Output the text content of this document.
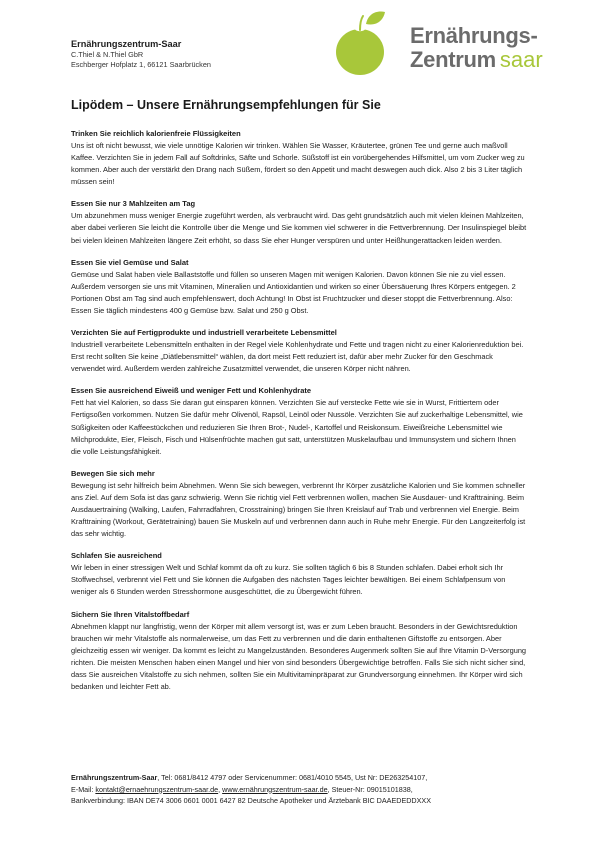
Ernährungszentrum-Saar
C.Thiel & N.Thiel GbR
Eschberger Hofplatz 1, 66121 Saarbrücken
Ernährungs-
Zentrum saar
Lipödem – Unsere Ernährungsempfehlungen für Sie
Trinken Sie reichlich kalorienfreie Flüssigkeiten

Uns ist oft nicht bewusst, wie viele unnötige Kalorien wir trinken. Wählen Sie Wasser, Kräutertee, grünen Tee und gerne auch maßvoll Kaffee. Verzichten Sie in jedem Fall auf Softdrinks, Säfte und Schorle. Süßstoff ist ein vorübergehendes Hilfsmittel, um vom Zucker weg zu kommen. Aber auch der verstärkt den Drang nach Süßem, fördert so den Appetit und macht deswegen auch dick. Also 2 bis 3 Liter täglich müssen sein!

Essen Sie nur 3 Mahlzeiten am Tag

Um abzunehmen muss weniger Energie zugeführt werden, als verbraucht wird. Das geht grundsätzlich auch mit vielen kleinen Mahlzeiten, aber dabei verlieren Sie leicht die Kontrolle über die Menge und Sie kommen viel schwerer in die Fettverbrennung. Der Insulinspiegel bleibt bei vielen kleinen Mahlzeiten längere Zeit erhöht, so dass Sie eher Hunger verspüren und unter Heißhungerattacken leiden werden.

Essen Sie viel Gemüse und Salat

Gemüse und Salat haben viele Ballaststoffe und füllen so unseren Magen mit wenigen Kalorien. Davon können Sie nie zu viel essen. Außerdem versorgen sie uns mit Vitaminen, Mineralien und Antioxidantien und wirken so einer Übersäuerung Ihres Körpers entgegen. 2 Portionen Obst am Tag sind auch empfehlenswert, doch Achtung! In Obst ist Fruchtzucker und dieser stoppt die Fettverbrennung. Also: Essen Sie täglich mindestens 400 g Gemüse bzw. Salat und 250 g Obst.

Verzichten Sie auf Fertigprodukte und industriell verarbeitete Lebensmittel

Industriell verarbeitete Lebensmitteln enthalten in der Regel viele Kohlenhydrate und Fette und tragen nicht zu einer Kalorienreduktion bei. Erst recht sollten Sie keine „Diätlebensmittel“ wählen, da dort meist Fett reduziert ist, dafür aber mehr Zucker für den Geschmack verwendet wird. Außerdem werden zahlreiche Zusatzmittel verwendet, die unseren Körper nicht nähren.

Essen Sie ausreichend Eiweiß und weniger Fett und Kohlenhydrate

Fett hat viel Kalorien, so dass Sie daran gut einsparen können. Verzichten Sie auf verstecke Fette wie sie in Wurst, Frittiertem oder Fertigsoßen vorkommen. Nutzen Sie dafür mehr Olivenöl, Rapsöl, Leinöl oder Nussöle. Verzichten Sie auf zuckerhaltige Lebensmittel, wie Süßigkeiten oder Kaffeestückchen und reduzieren Sie Ihren Brot-, Nudel-, Kartoffel und Reiskonsum. Eiweißreiche Lebensmittel wie Milchprodukte, Eier, Fleisch, Fisch und Hülsenfrüchte machen gut satt, unterstützen Muskelaufbau und Immunsystem und sichern Ihnen die volle Leistungsfähigkeit.

Bewegen Sie sich mehr

Bewegung ist sehr hilfreich beim Abnehmen. Wenn Sie sich bewegen, verbrennt Ihr Körper zusätzliche Kalorien und Sie kommen schneller ans Ziel. Auf dem Sofa ist das ganz schwierig. Wenn Sie richtig viel Fett verbrennen wollen, machen Sie Ausdauer- und Krafttraining. Beim Ausdauertraining (Walking, Laufen, Fahrradfahren, Crosstraining) bringen Sie Ihren Kreislauf auf Trab und verbrennen viel Energie. Beim Krafttraining (Workout, Gerätetraining) bauen Sie Muskeln auf und verbrennen dann auch in Ruhe mehr Energie. Für den Langzeiterfolg ist das sehr wichtig.

Schlafen Sie ausreichend

Wir leben in einer stressigen Welt und Schlaf kommt da oft zu kurz. Sie sollten täglich 6 bis 8 Stunden schlafen. Dabei erholt sich Ihr Stoffwechsel, verbrennt viel Fett und Sie können die Aufgaben des nächsten Tages leichter bewältigen. Bei einem Schlafpensum von weniger als 6 Stunden werden Stresshormone ausgeschüttet, die zu Übergewicht führen.

Sichern Sie Ihren Vitalstoffbedarf

Abnehmen klappt nur langfristig, wenn der Körper mit allem versorgt ist, was er zum Leben braucht. Besonders in der Gewichtsreduktion brauchen wir mehr Vitalstoffe als normalerweise, um das Fett zu verbrennen und die darin enthaltenen Giftstoffe zu entsorgen. Aber gleichzeitig essen wir weniger. Da kommt es leicht zu Mangelzuständen. Besonderes Augenmerk sollten Sie auf Ihre Vitamin D-Versorgung richten. Die meisten Menschen haben einen Mangel und hier von sind besonders Übergewichtige betroffen. Falls Sie sich nicht sicher sind, dass Sie ausreichen Vitalstoffe zu sich nehmen, sollten Sie ein Multivitaminpräparat zur Grundversorgung einnehmen. Ihr Körper wird sich bedanken und leichter Fett ab.

Ernährungszentrum-Saar, Tel: 0681/8412 4797 oder Servicenummer: 0681/4010 5545, Ust Nr: DE263254107,
E-Mail: kontakt@ernaehrungszentrum-saar.de, www.ernährungszentrum-saar.de, Steuer-Nr: 09015101838,
Bankverbindung: IBAN DE74 3006 0601 0001 6427 82 Deutsche Apotheker und Ärztebank BIC DAAEDEDDXXX
